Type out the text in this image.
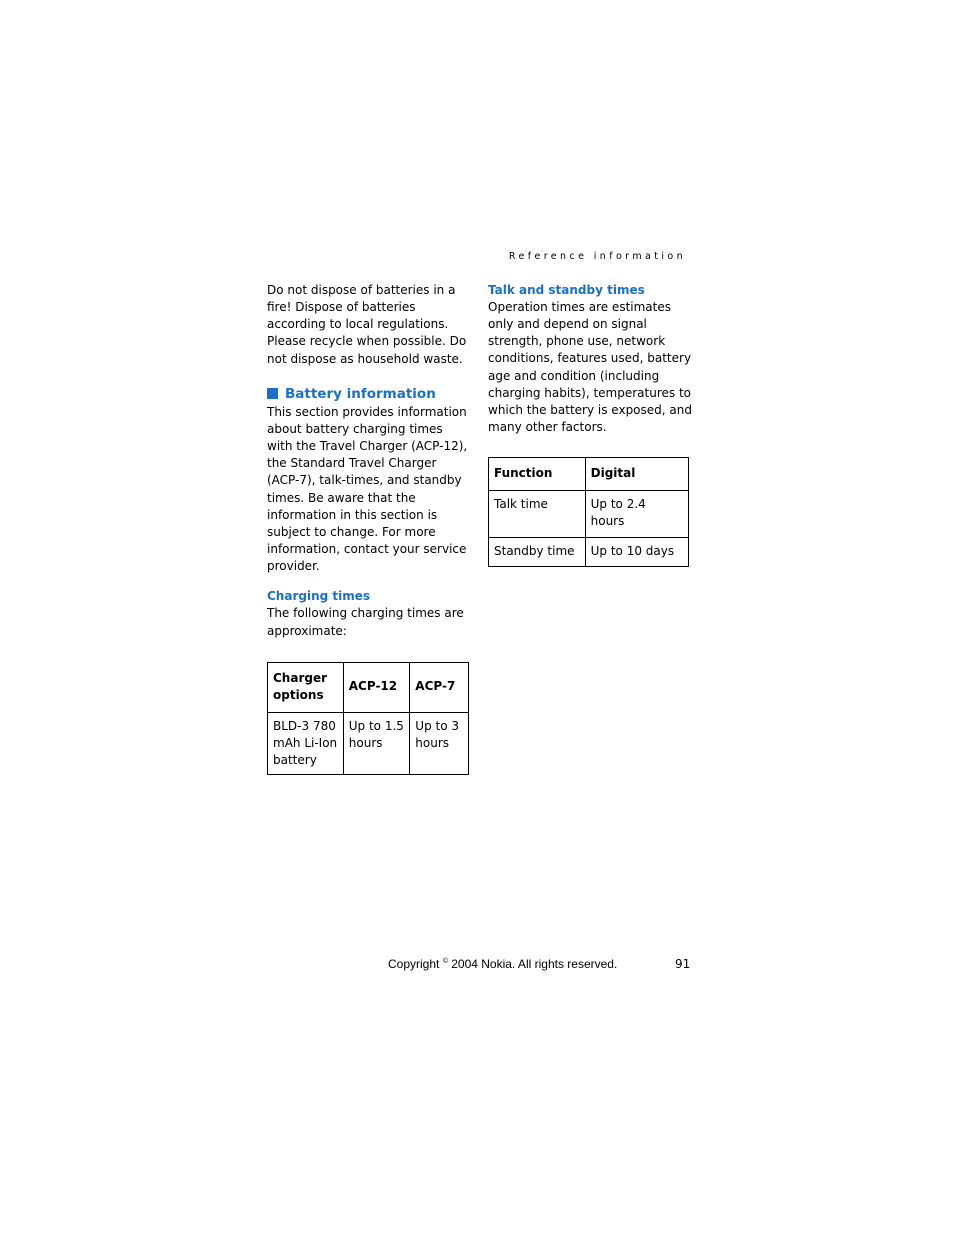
Reference information

Do not dispose of batteries in a fire! Dispose of batteries according to local regulations. Please recycle when possible. Do not dispose as household waste.

Battery information

This section provides information about battery charging times with the Travel Charger (ACP-12), the Standard Travel Charger (ACP-7), talk-times, and standby times. Be aware that the information in this section is subject to change. For more information, contact your service provider.

Charging times

The following charging times are approximate:

Charger options	ACP-12	ACP-7
BLD-3 780 mAh Li-Ion battery	Up to 1.5 hours	Up to 3 hours

Talk and standby times

Operation times are estimates only and depend on signal strength, phone use, network conditions, features used, battery age and condition (including charging habits), temperatures to which the battery is exposed, and many other factors.

Function	Digital
Talk time	Up to 2.4 hours
Standby time	Up to 10 days
Copyright © 2004 Nokia. All rights reserved.	91
